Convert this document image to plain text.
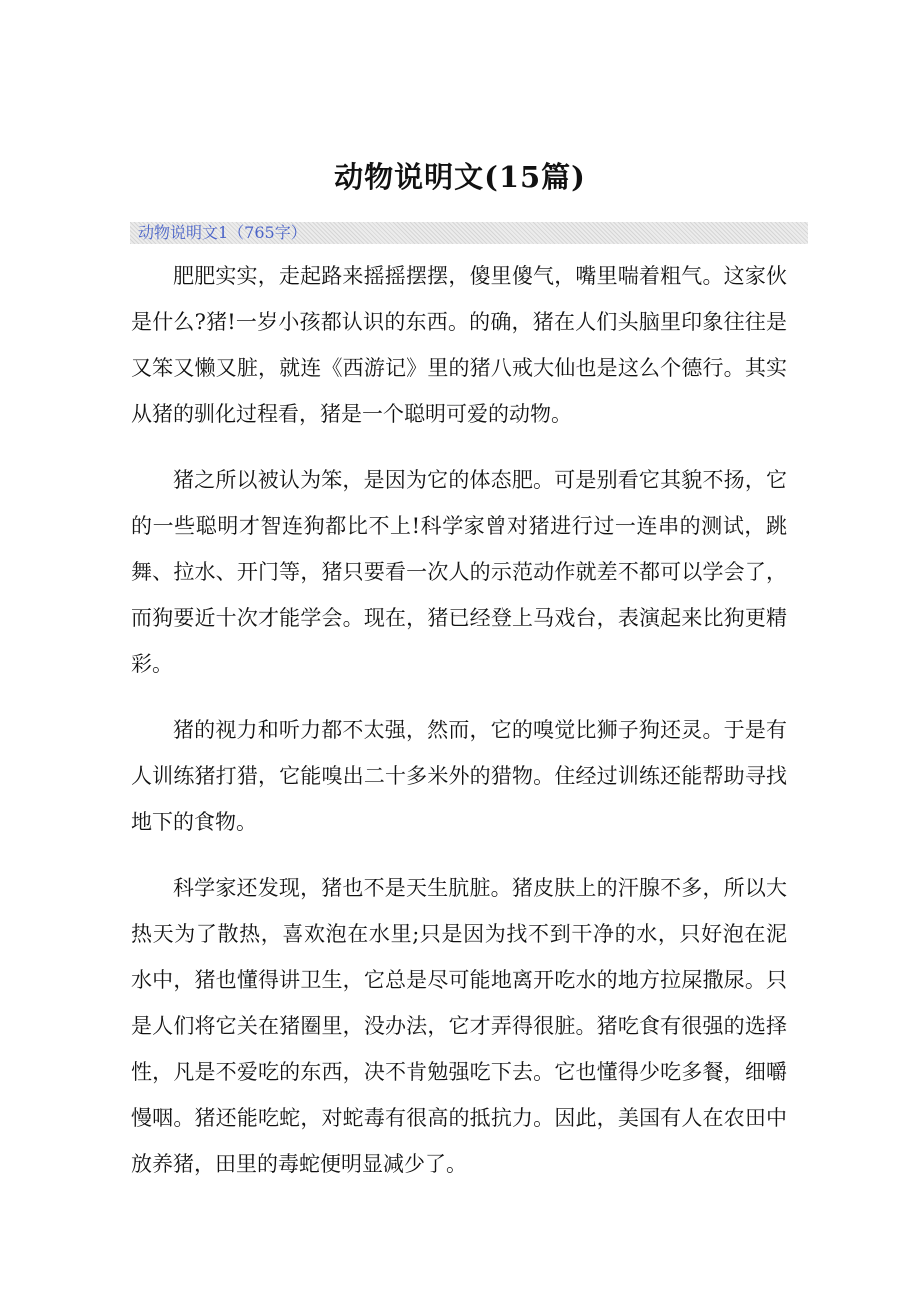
动物说明文(15篇)
动物说明文1（765字）

肥肥实实，走起路来摇摇摆摆，傻里傻气，嘴里喘着粗气。这家伙是什么?猪!一岁小孩都认识的东西。的确，猪在人们头脑里印象往往是又笨又懒又脏，就连《西游记》里的猪八戒大仙也是这么个德行。其实从猪的驯化过程看，猪是一个聪明可爱的动物。

猪之所以被认为笨，是因为它的体态肥。可是别看它其貌不扬，它的一些聪明才智连狗都比不上!科学家曾对猪进行过一连串的测试，跳舞、拉水、开门等，猪只要看一次人的示范动作就差不都可以学会了，而狗要近十次才能学会。现在，猪已经登上马戏台，表演起来比狗更精彩。

猪的视力和听力都不太强，然而，它的嗅觉比狮子狗还灵。于是有人训练猪打猎，它能嗅出二十多米外的猎物。住经过训练还能帮助寻找地下的食物。

科学家还发现，猪也不是天生肮脏。猪皮肤上的汗腺不多，所以大热天为了散热，喜欢泡在水里;只是因为找不到干净的水，只好泡在泥水中，猪也懂得讲卫生，它总是尽可能地离开吃水的地方拉屎撒尿。只是人们将它关在猪圈里，没办法，它才弄得很脏。猪吃食有很强的选择性，凡是不爱吃的东西，决不肯勉强吃下去。它也懂得少吃多餐，细嚼慢咽。猪还能吃蛇，对蛇毒有很高的抵抗力。因此，美国有人在农田中放养猪，田里的毒蛇便明显减少了。
